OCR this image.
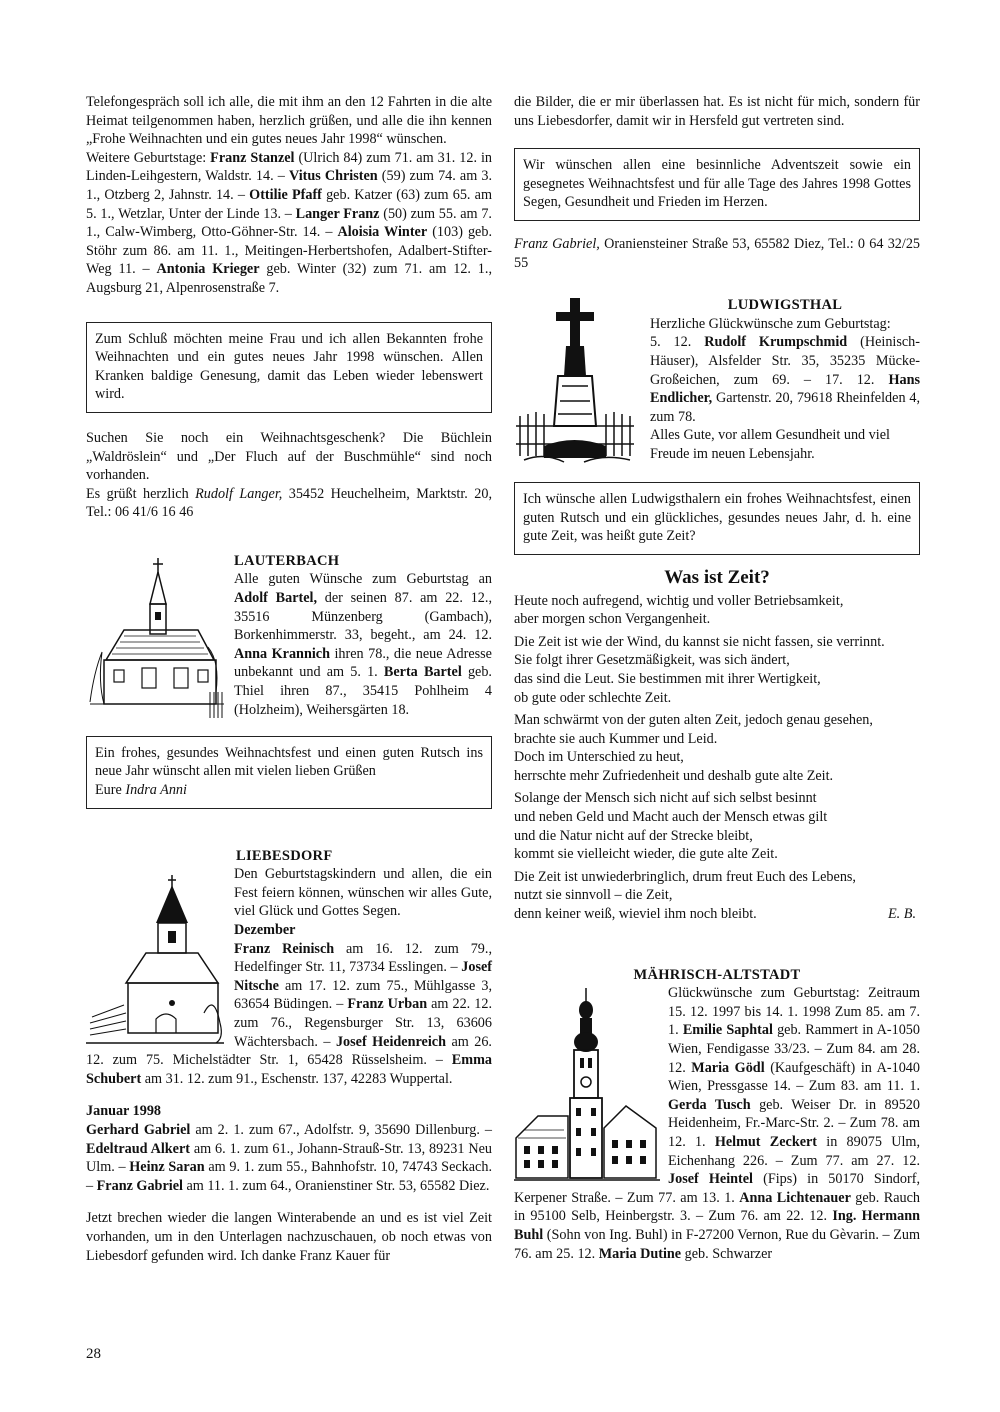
Telefongespräch soll ich alle, die mit ihm an den 12 Fahrten in die alte Heimat teilgenommen haben, herzlich grüßen, und alle die ihn kennen „Frohe Weihnachten und ein gutes neues Jahr 1998“ wünschen.

Weitere Geburtstage: Franz Stanzel (Ulrich 84) zum 71. am 31. 12. in Linden-Leihgestern, Waldstr. 14. – Vitus Christen (59) zum 74. am 3. 1., Otzberg 2, Jahnstr. 14. – Ottilie Pfaff geb. Katzer (63) zum 65. am 5. 1., Wetzlar, Unter der Linde 13. – Langer Franz (50) zum 55. am 7. 1., Calw-Wimberg, Otto-Göhner-Str. 14. – Aloisia Winter (103) geb. Stöhr zum 86. am 11. 1., Meitingen-Herbertshofen, Adalbert-Stifter-Weg 11. – Antonia Krieger geb. Winter (32) zum 71. am 12. 1., Augsburg 21, Alpenrosenstraße 7.

Zum Schluß möchten meine Frau und ich allen Bekannten frohe Weihnachten und ein gutes neues Jahr 1998 wünschen. Allen Kranken baldige Genesung, damit das Leben wieder lebenswert wird.

Suchen Sie noch ein Weihnachtsgeschenk? Die Büchlein „Waldröslein“ und „Der Fluch auf der Buschmühle“ sind noch vorhanden.

Es grüßt herzlich Rudolf Langer, 35452 Heuchelheim, Marktstr. 20, Tel.: 06 41/6 16 46

LAUTERBACH

Alle guten Wünsche zum Geburtstag an Adolf Bartel, der seinen 87. am 22. 12., 35516 Münzenberg (Gambach), Borkenhimmerstr. 33, begeht., am 24. 12. Anna Krannich ihren 78., die neue Adresse unbekannt und am 5. 1. Berta Bartel geb. Thiel ihren 87., 35415 Pohlheim 4 (Holzheim), Weihersgärten 18.

Ein frohes, gesundes Weihnachtsfest und einen guten Rutsch ins neue Jahr wünscht allen mit vielen lieben Grüßen

Eure Indra Anni

LIEBESDORF

Den Geburtstagskindern und allen, die ein Fest feiern können, wünschen wir alles Gute, viel Glück und Gottes Segen.

Dezember

Franz Reinisch am 16. 12. zum 79., Hedelfinger Str. 11, 73734 Esslingen. – Josef Nitsche am 17. 12. zum 75., Mühlgasse 3, 63654 Büdingen. – Franz Urban am 22. 12. zum 76., Regensburger Str. 13, 63606 Wächtersbach. – Josef Heidenreich am 26. 12. zum 75. Michelstädter Str. 1, 65428 Rüsselsheim. – Emma Schubert am 31. 12. zum 91., Eschenstr. 137, 42283 Wuppertal.

Januar 1998

Gerhard Gabriel am 2. 1. zum 67., Adolfstr. 9, 35690 Dillenburg. – Edeltraud Alkert am 6. 1. zum 61., Johann-Strauß-Str. 13, 89231 Neu Ulm. – Heinz Saran am 9. 1. zum 55., Bahnhofstr. 10, 74743 Seckach. – Franz Gabriel am 11. 1. zum 64., Oranienstiner Str. 53, 65582 Diez.

Jetzt brechen wieder die langen Winterabende an und es ist viel Zeit vorhanden, um in den Unterlagen nachzuschauen, ob noch etwas von Liebesdorf gefunden wird. Ich danke Franz Kauer für

die Bilder, die er mir überlassen hat. Es ist nicht für mich, sondern für uns Liebesdorfer, damit wir in Hersfeld gut vertreten sind.

Wir wünschen allen eine besinnliche Adventszeit sowie ein gesegnetes Weihnachtsfest und für alle Tage des Jahres 1998 Gottes Segen, Gesundheit und Frieden im Herzen.

Franz Gabriel, Oraniensteiner Straße 53, 65582 Diez, Tel.: 0 64 32/25 55

LUDWIGSTHAL

Herzliche Glückwünsche zum Geburtstag:

5. 12. Rudolf Krumpschmid (Heinisch-Häuser), Alsfelder Str. 35, 35235 Mücke-Großeichen, zum 69. – 17. 12. Hans Endlicher, Gartenstr. 20, 79618 Rheinfelden 4, zum 78.

Alles Gute, vor allem Gesundheit und viel Freude im neuen Lebensjahr.

Ich wünsche allen Ludwigsthalern ein frohes Weihnachtsfest, einen guten Rutsch und ein glückliches, gesundes neues Jahr, d. h. eine gute Zeit, was heißt gute Zeit?

Was ist Zeit?

Heute noch aufregend, wichtig und voller Betriebsamkeit,

aber morgen schon Vergangenheit.

Die Zeit ist wie der Wind, du kannst sie nicht fassen, sie verrinnt.

Sie folgt ihrer Gesetzmäßigkeit, was sich ändert,

das sind die Leut. Sie bestimmen mit ihrer Wertigkeit,

ob gute oder schlechte Zeit.

Man schwärmt von der guten alten Zeit, jedoch genau gesehen,

brachte sie auch Kummer und Leid.

Doch im Unterschied zu heut,

herrschte mehr Zufriedenheit und deshalb gute alte Zeit.

Solange der Mensch sich nicht auf sich selbst besinnt

und neben Geld und Macht auch der Mensch etwas gilt

und die Natur nicht auf der Strecke bleibt,

kommt sie vielleicht wieder, die gute alte Zeit.

Die Zeit ist unwiederbringlich, drum freut Euch des Lebens,

nutzt sie sinnvoll – die Zeit,

denn keiner weiß, wieviel ihm noch bleibt.	E. B.
MÄHRISCH-ALTSTADT

Glückwünsche zum Geburtstag: Zeitraum 15. 12. 1997 bis 14. 1. 1998 Zum 85. am 7. 1. Emilie Saphtal geb. Rammert in A-1050 Wien, Fendigasse 33/23. – Zum 84. am 28. 12. Maria Gödl (Kaufgeschäft) in A-1040 Wien, Pressgasse 14. – Zum 83. am 11. 1. Gerda Tusch geb. Weiser Dr. in 89520 Heidenheim, Fr.-Marc-Str. 2. – Zum 78. am 12. 1. Helmut Zeckert in 89075 Ulm, Eichenhang 226. – Zum 77. am 27. 12. Josef Heintel (Fips) in 50170 Sindorf, Kerpener Straße. – Zum 77. am 13. 1. Anna Lichtenauer geb. Rauch in 95100 Selb, Heinbergstr. 3. – Zum 76. am 22. 12. Ing. Hermann Buhl (Sohn von Ing. Buhl) in F-27200 Vernon, Rue du Gèvarin. – Zum 76. am 25. 12. Maria Dutine geb. Schwarzer

28
